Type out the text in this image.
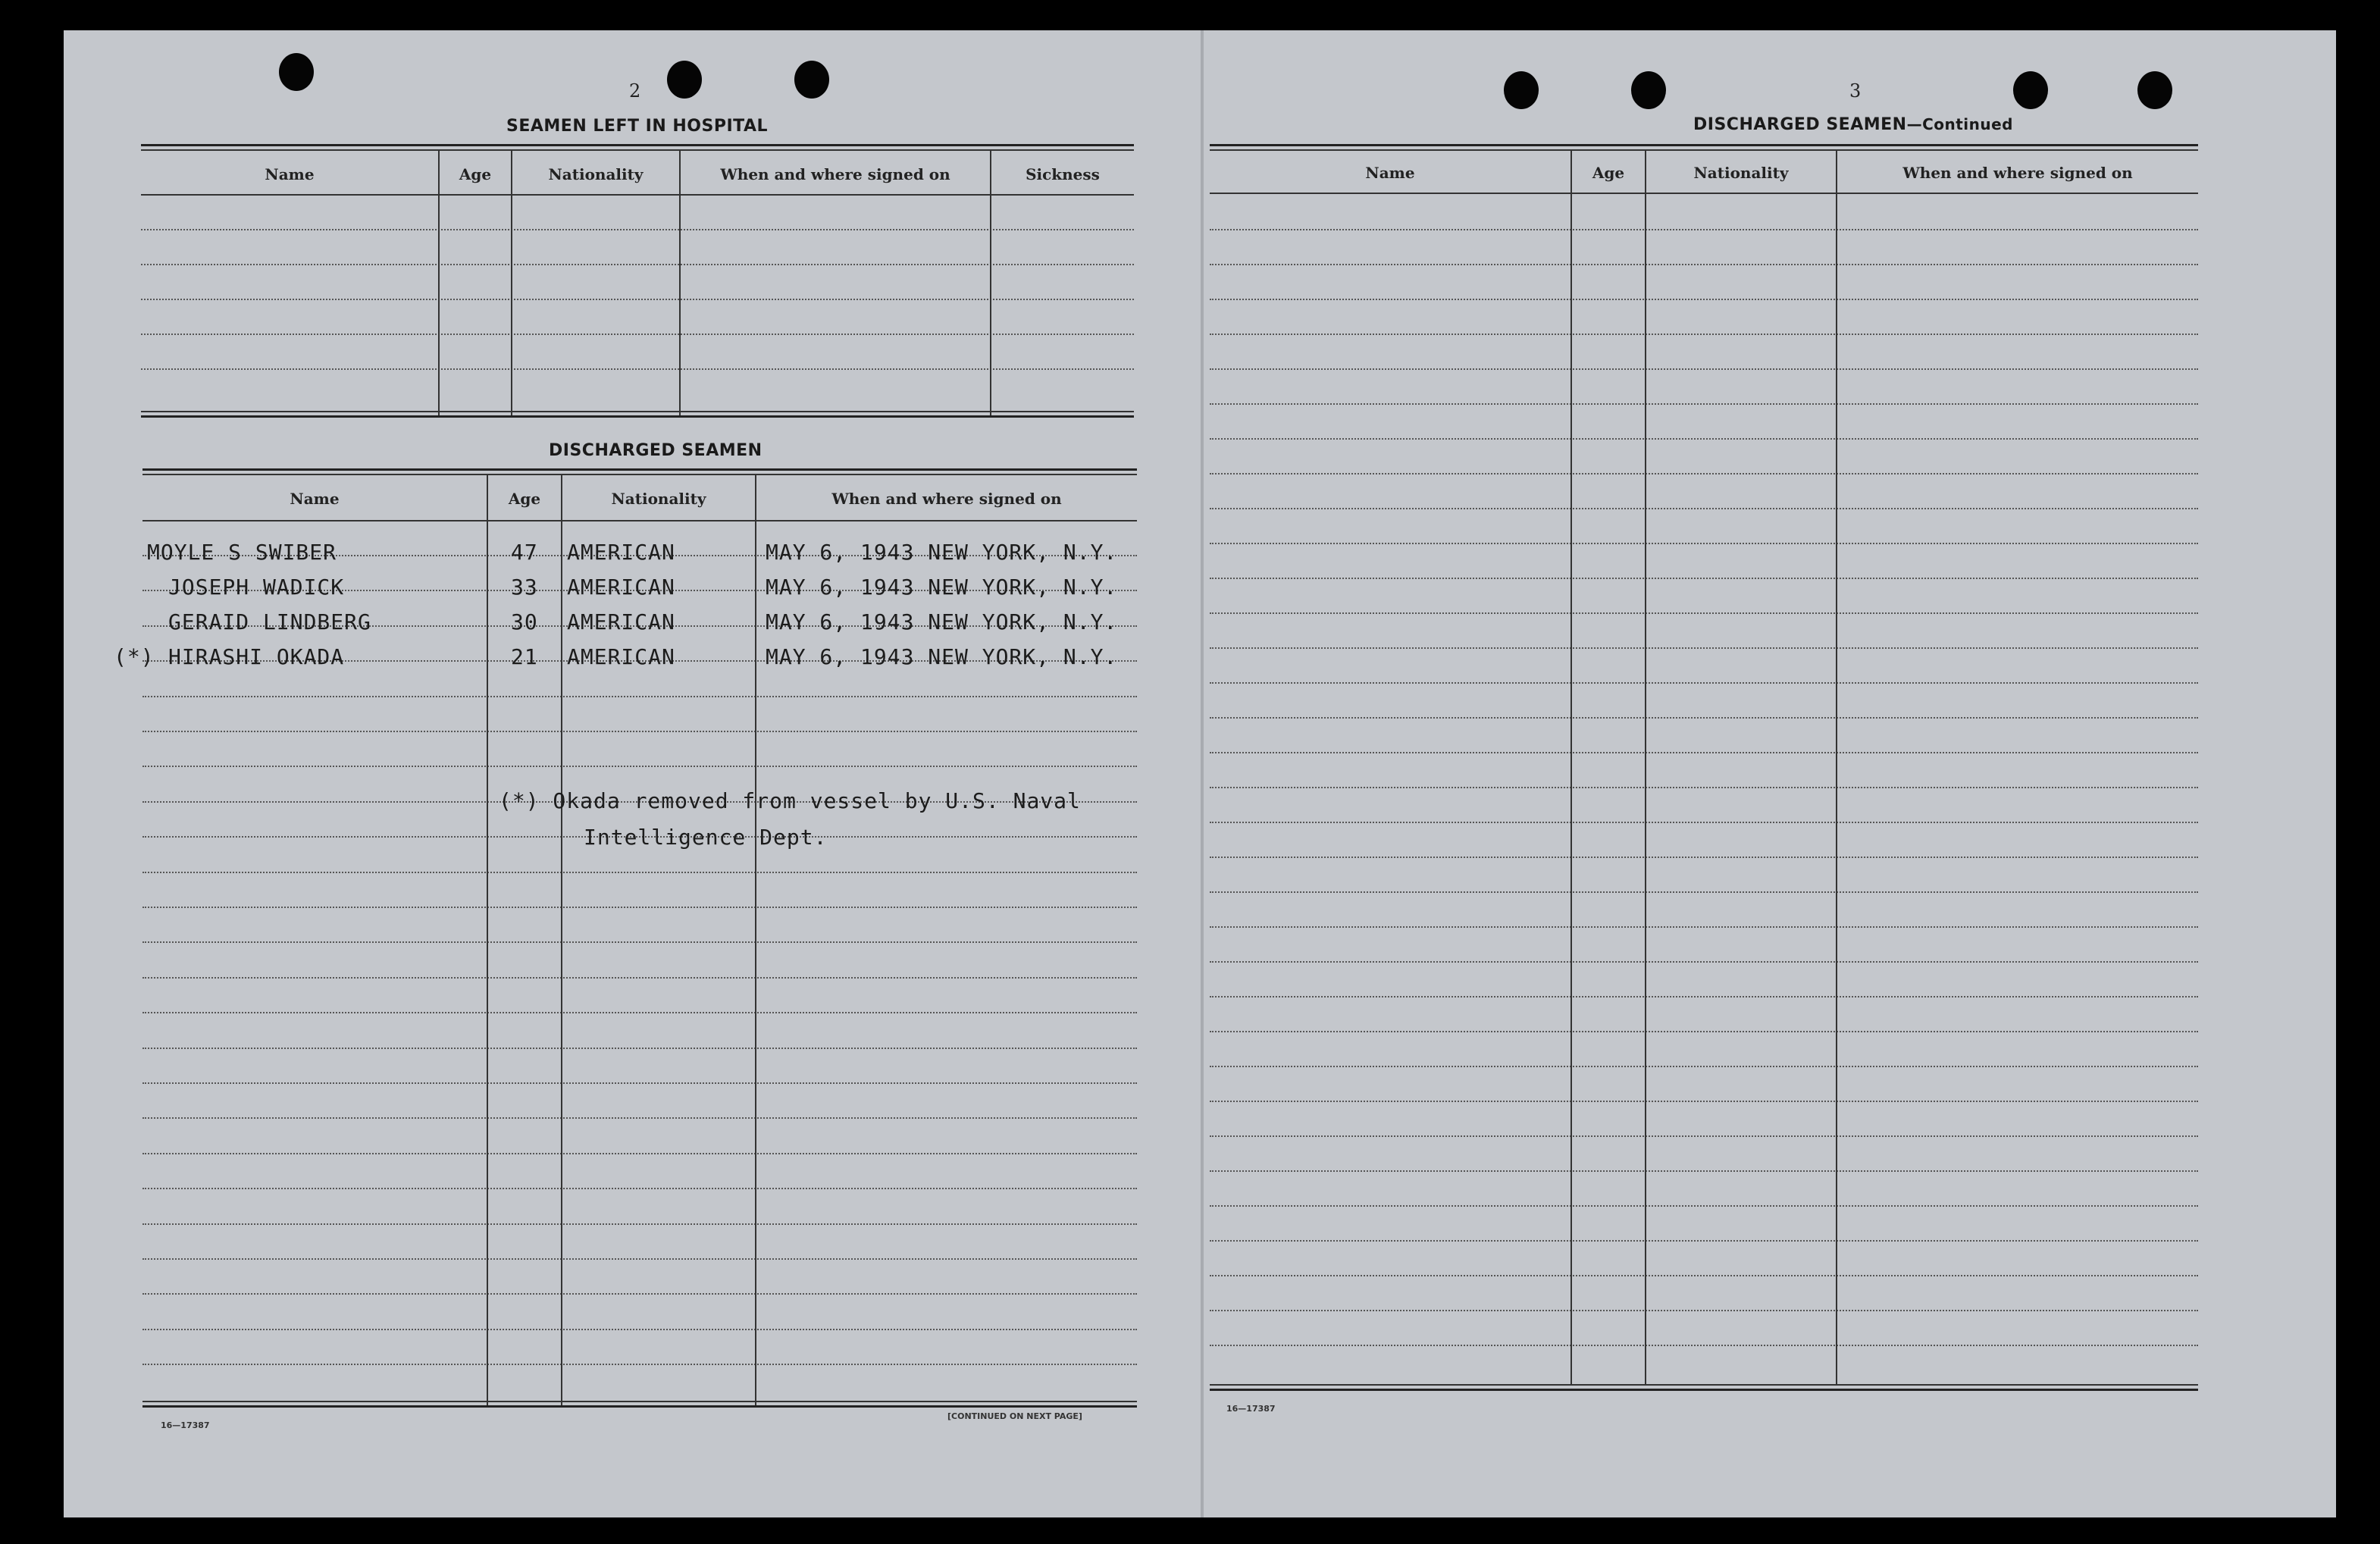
2
SEAMEN LEFT IN HOSPITAL
Name	Age	Nationality	When and where signed on	Sickness
DISCHARGED SEAMEN
Name	Age	Nationality	When and where signed on
MOYLE S SWIBER	47 AMERICAN	MAY 6, 1943 NEW YORK, N.Y.
JOSEPH WADICK	33 AMERICAN	MAY 6, 1943 NEW YORK, N.Y.
GERAID LINDBERG	30 AMERICAN	MAY 6, 1943 NEW YORK, N.Y.
(*) HIRASHI OKADA	21 AMERICAN	MAY 6, 1943 NEW YORK, N.Y.
(*) Okada removed from vessel by U.S. Naval
Intelligence Dept.
16—17387
[CONTINUED ON NEXT PAGE]
3
DISCHARGED SEAMEN—Continued
Name	Age	Nationality	When and where signed on
16—17387
